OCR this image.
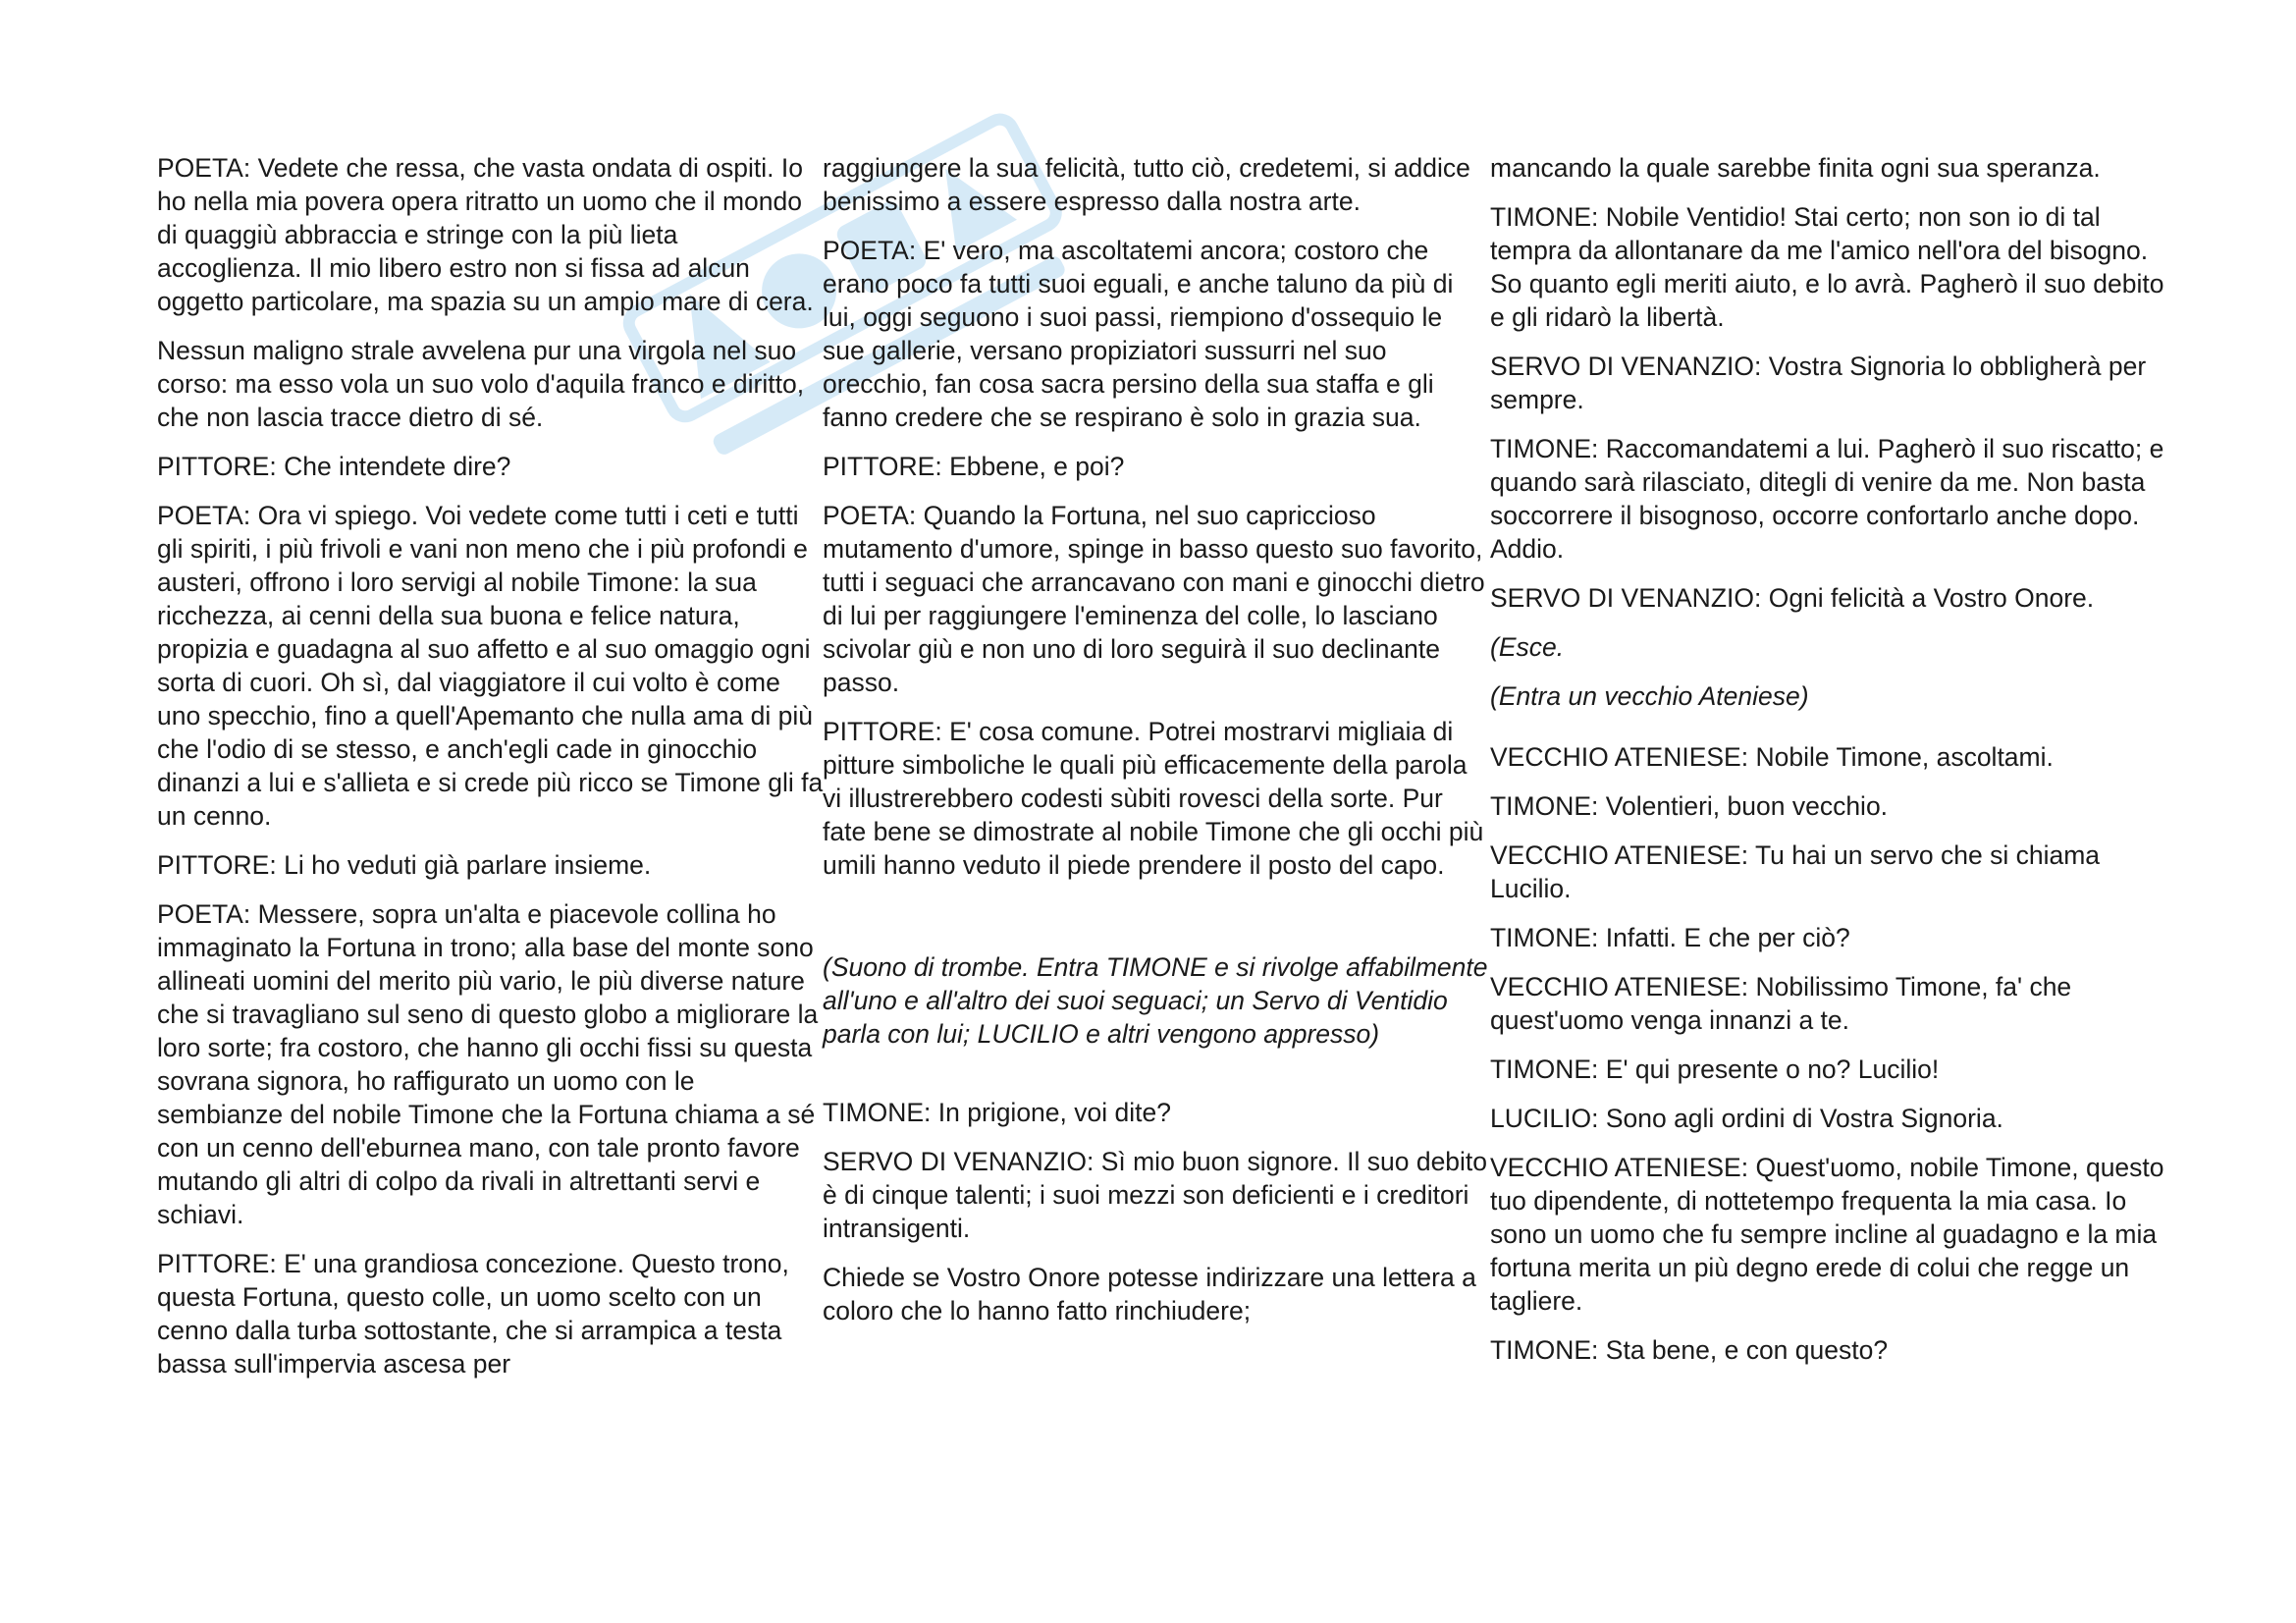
POETA: Vedete che ressa, che vasta ondata di ospiti. Io ho nella mia povera opera ritratto un uomo che il mondo di quaggiù abbraccia e stringe con la più lieta accoglienza. Il mio libero estro non si fissa ad alcun oggetto particolare, ma spazia su un ampio mare di cera.

Nessun maligno strale avvelena pur una virgola nel suo corso: ma esso vola un suo volo d'aquila franco e diritto, che non lascia tracce dietro di sé.

PITTORE: Che intendete dire?

POETA: Ora vi spiego. Voi vedete come tutti i ceti e tutti gli spiriti, i più frivoli e vani non meno che i più profondi e austeri, offrono i loro servigi al nobile Timone: la sua ricchezza, ai cenni della sua buona e felice natura, propizia e guadagna al suo affetto e al suo omaggio ogni sorta di cuori. Oh sì, dal viaggiatore il cui volto è come uno specchio, fino a quell'Apemanto che nulla ama di più che l'odio di se stesso, e anch'egli cade in ginocchio dinanzi a lui e s'allieta e si crede più ricco se Timone gli fa un cenno.

PITTORE: Li ho veduti già parlare insieme.

POETA: Messere, sopra un'alta e piacevole collina ho immaginato la Fortuna in trono; alla base del monte sono allineati uomini del merito più vario, le più diverse nature che si travagliano sul seno di questo globo a migliorare la loro sorte; fra costoro, che hanno gli occhi fissi su questa sovrana signora, ho raffigurato un uomo con le sembianze del nobile Timone che la Fortuna chiama a sé con un cenno dell'eburnea mano, con tale pronto favore mutando gli altri di colpo da rivali in altrettanti servi e schiavi.

PITTORE: E' una grandiosa concezione. Questo trono, questa Fortuna, questo colle, un uomo scelto con un cenno dalla turba sottostante, che si arrampica a testa bassa sull'impervia ascesa per

raggiungere la sua felicità, tutto ciò, credetemi, si addice benissimo a essere espresso dalla nostra arte.

POETA: E' vero, ma ascoltatemi ancora; costoro che erano poco fa tutti suoi eguali, e anche taluno da più di lui, oggi seguono i suoi passi, riempiono d'ossequio le sue gallerie, versano propiziatori sussurri nel suo orecchio, fan cosa sacra persino della sua staffa e gli fanno credere che se respirano è solo in grazia sua.

PITTORE: Ebbene, e poi?

POETA: Quando la Fortuna, nel suo capriccioso mutamento d'umore, spinge in basso questo suo favorito, tutti i seguaci che arrancavano con mani e ginocchi dietro di lui per raggiungere l'eminenza del colle, lo lasciano scivolar giù e non uno di loro seguirà il suo declinante passo.

PITTORE: E' cosa comune. Potrei mostrarvi migliaia di pitture simboliche le quali più efficacemente della parola vi illustrerebbero codesti sùbiti rovesci della sorte. Pur fate bene se dimostrate al nobile Timone che gli occhi più umili hanno veduto il piede prendere il posto del capo.

(Suono di trombe. Entra TIMONE e si rivolge affabilmente all'uno e all'altro dei suoi seguaci; un Servo di Ventidio parla con lui; LUCILIO e altri vengono appresso)

TIMONE: In prigione, voi dite?

SERVO DI VENANZIO: Sì mio buon signore. Il suo debito è di cinque talenti; i suoi mezzi son deficienti e i creditori intransigenti.

Chiede se Vostro Onore potesse indirizzare una lettera a coloro che lo hanno fatto rinchiudere;

mancando la quale sarebbe finita ogni sua speranza.

TIMONE: Nobile Ventidio! Stai certo; non son io di tal tempra da allontanare da me l'amico nell'ora del bisogno. So quanto egli meriti aiuto, e lo avrà. Pagherò il suo debito e gli ridarò la libertà.

SERVO DI VENANZIO: Vostra Signoria lo obbligherà per sempre.

TIMONE: Raccomandatemi a lui. Pagherò il suo riscatto; e quando sarà rilasciato, ditegli di venire da me. Non basta soccorrere il bisognoso, occorre confortarlo anche dopo. Addio.

SERVO DI VENANZIO: Ogni felicità a Vostro Onore.

(Esce.

(Entra un vecchio Ateniese)

VECCHIO ATENIESE: Nobile Timone, ascoltami.

TIMONE: Volentieri, buon vecchio.

VECCHIO ATENIESE: Tu hai un servo che si chiama Lucilio.

TIMONE: Infatti. E che per ciò?

VECCHIO ATENIESE: Nobilissimo Timone, fa' che quest'uomo venga innanzi a te.

TIMONE: E' qui presente o no? Lucilio!

LUCILIO: Sono agli ordini di Vostra Signoria.

VECCHIO ATENIESE: Quest'uomo, nobile Timone, questo tuo dipendente, di nottetempo frequenta la mia casa. Io sono un uomo che fu sempre incline al guadagno e la mia fortuna merita un più degno erede di colui che regge un tagliere.

TIMONE: Sta bene, e con questo?
